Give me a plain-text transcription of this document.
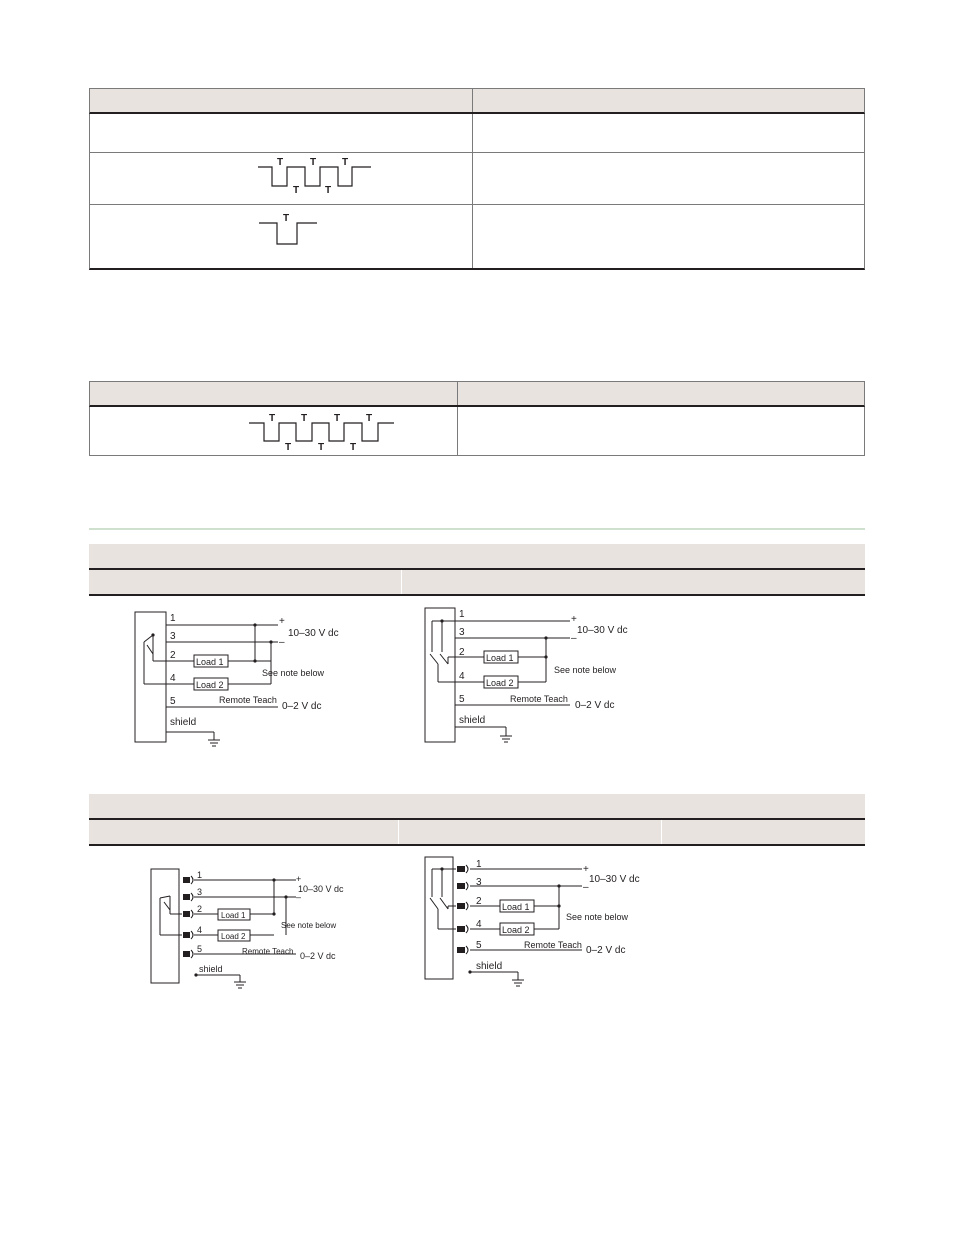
T
T
T
T
T
T
T
T
T
T
T
T
T
1
3
2
4
5
shield
+
–
10–30 V dc
Load 1
Load 2
See note below
Remote Teach
0–2 V dc
1
3
2
4
5
shield
+
–
10–30 V dc
Load 1
Load 2
See note below
Remote Teach
0–2 V dc
1
3
2
4
5
shield
+
–
10–30 V dc
Load 1
Load 2
See note below
Remote Teach 0–2 V dc
1
3
2
4
5
shield
+
–
10–30 V dc
Load 1
Load 2
See note below
Remote Teach 0–2 V dc
